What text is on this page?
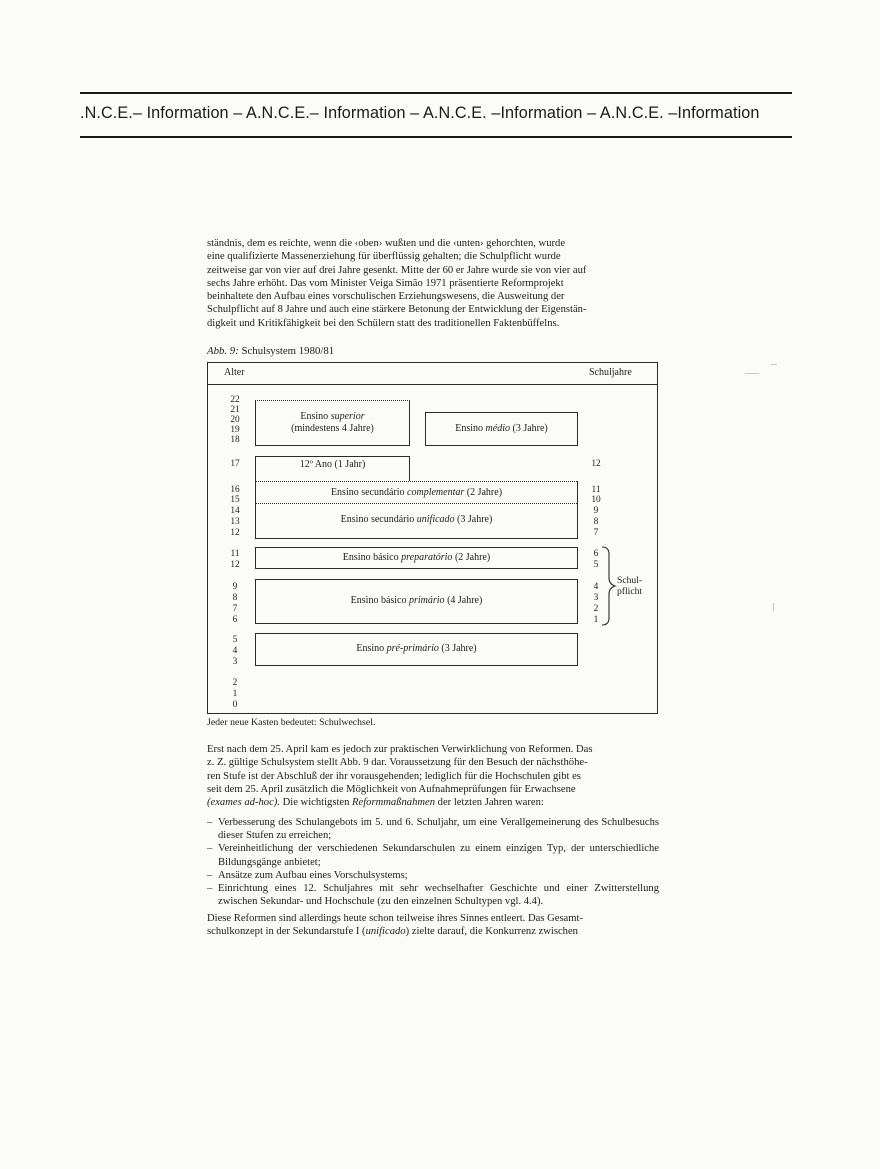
.N.C.E.– Information – A.N.C.E.– Information – A.N.C.E. –Information – A.N.C.E. –Information
ständnis, dem es reichte, wenn die ‹oben› wußten und die ‹unten› gehorchten, wurde
eine qualifizierte Massenerziehung für überflüssig gehalten; die Schulpflicht wurde
zeitweise gar von vier auf drei Jahre gesenkt. Mitte der 60 er Jahre wurde sie von vier auf
sechs Jahre erhöht. Das vom Minister Veiga Simão 1971 präsentierte Reformprojekt
beinhaltete den Aufbau eines vorschulischen Erziehungswesens, die Ausweitung der
Schulpflicht auf 8 Jahre und auch eine stärkere Betonung der Entwicklung der Eigenstän-
digkeit und Kritikfähigkeit bei den Schülern statt des traditionellen Faktenbüffelns.
Abb. 9: Schulsystem 1980/81
Alter	Schuljahre
22
21
20
19
18
17
16
15
14
13
12
11
12
9
8
7
6
5
4
3
2
1
0
12
11
10
9
8
7
6
5
4
3
2
1
Ensino superior
(mindestens 4 Jahre)	Ensino médio (3 Jahre)
12º Ano (1 Jahr)
Ensino secundário complementar (2 Jahre)
Ensino secundário unificado (3 Jahre)
Ensino básico preparatório (2 Jahre)
Ensino básico primário (4 Jahre)
Ensino pré-primário (3 Jahre)
Schul-
pflicht
Jeder neue Kasten bedeutet: Schulwechsel.
Erst nach dem 25. April kam es jedoch zur praktischen Verwirklichung von Reformen. Das
z. Z. gültige Schulsystem stellt Abb. 9 dar. Voraussetzung für den Besuch der nächsthöhe-
ren Stufe ist der Abschluß der ihr vorausgehenden; lediglich für die Hochschulen gibt es
seit dem 25. April zusätzlich die Möglichkeit von Aufnahmeprüfungen für Erwachsene
(exames ad-hoc). Die wichtigsten Reformmaßnahmen der letzten Jahren waren:
– Verbesserung des Schulangebots im 5. und 6. Schuljahr, um eine Verallgemeinerung des Schulbesuchs dieser Stufen zu erreichen;
– Vereinheitlichung der verschiedenen Sekundarschulen zu einem einzigen Typ, der unterschiedliche Bildungsgänge anbietet;
– Ansätze zum Aufbau eines Vorschulsystems;
– Einrichtung eines 12. Schuljahres mit sehr wechselhafter Geschichte und einer Zwitterstellung zwischen Sekundar- und Hochschule (zu den einzelnen Schultypen vgl. 4.4).
Diese Reformen sind allerdings heute schon teilweise ihres Sinnes entleert. Das Gesamt-
schulkonzept in der Sekundarstufe I (unificado) zielte darauf, die Konkurrenz zwischen
